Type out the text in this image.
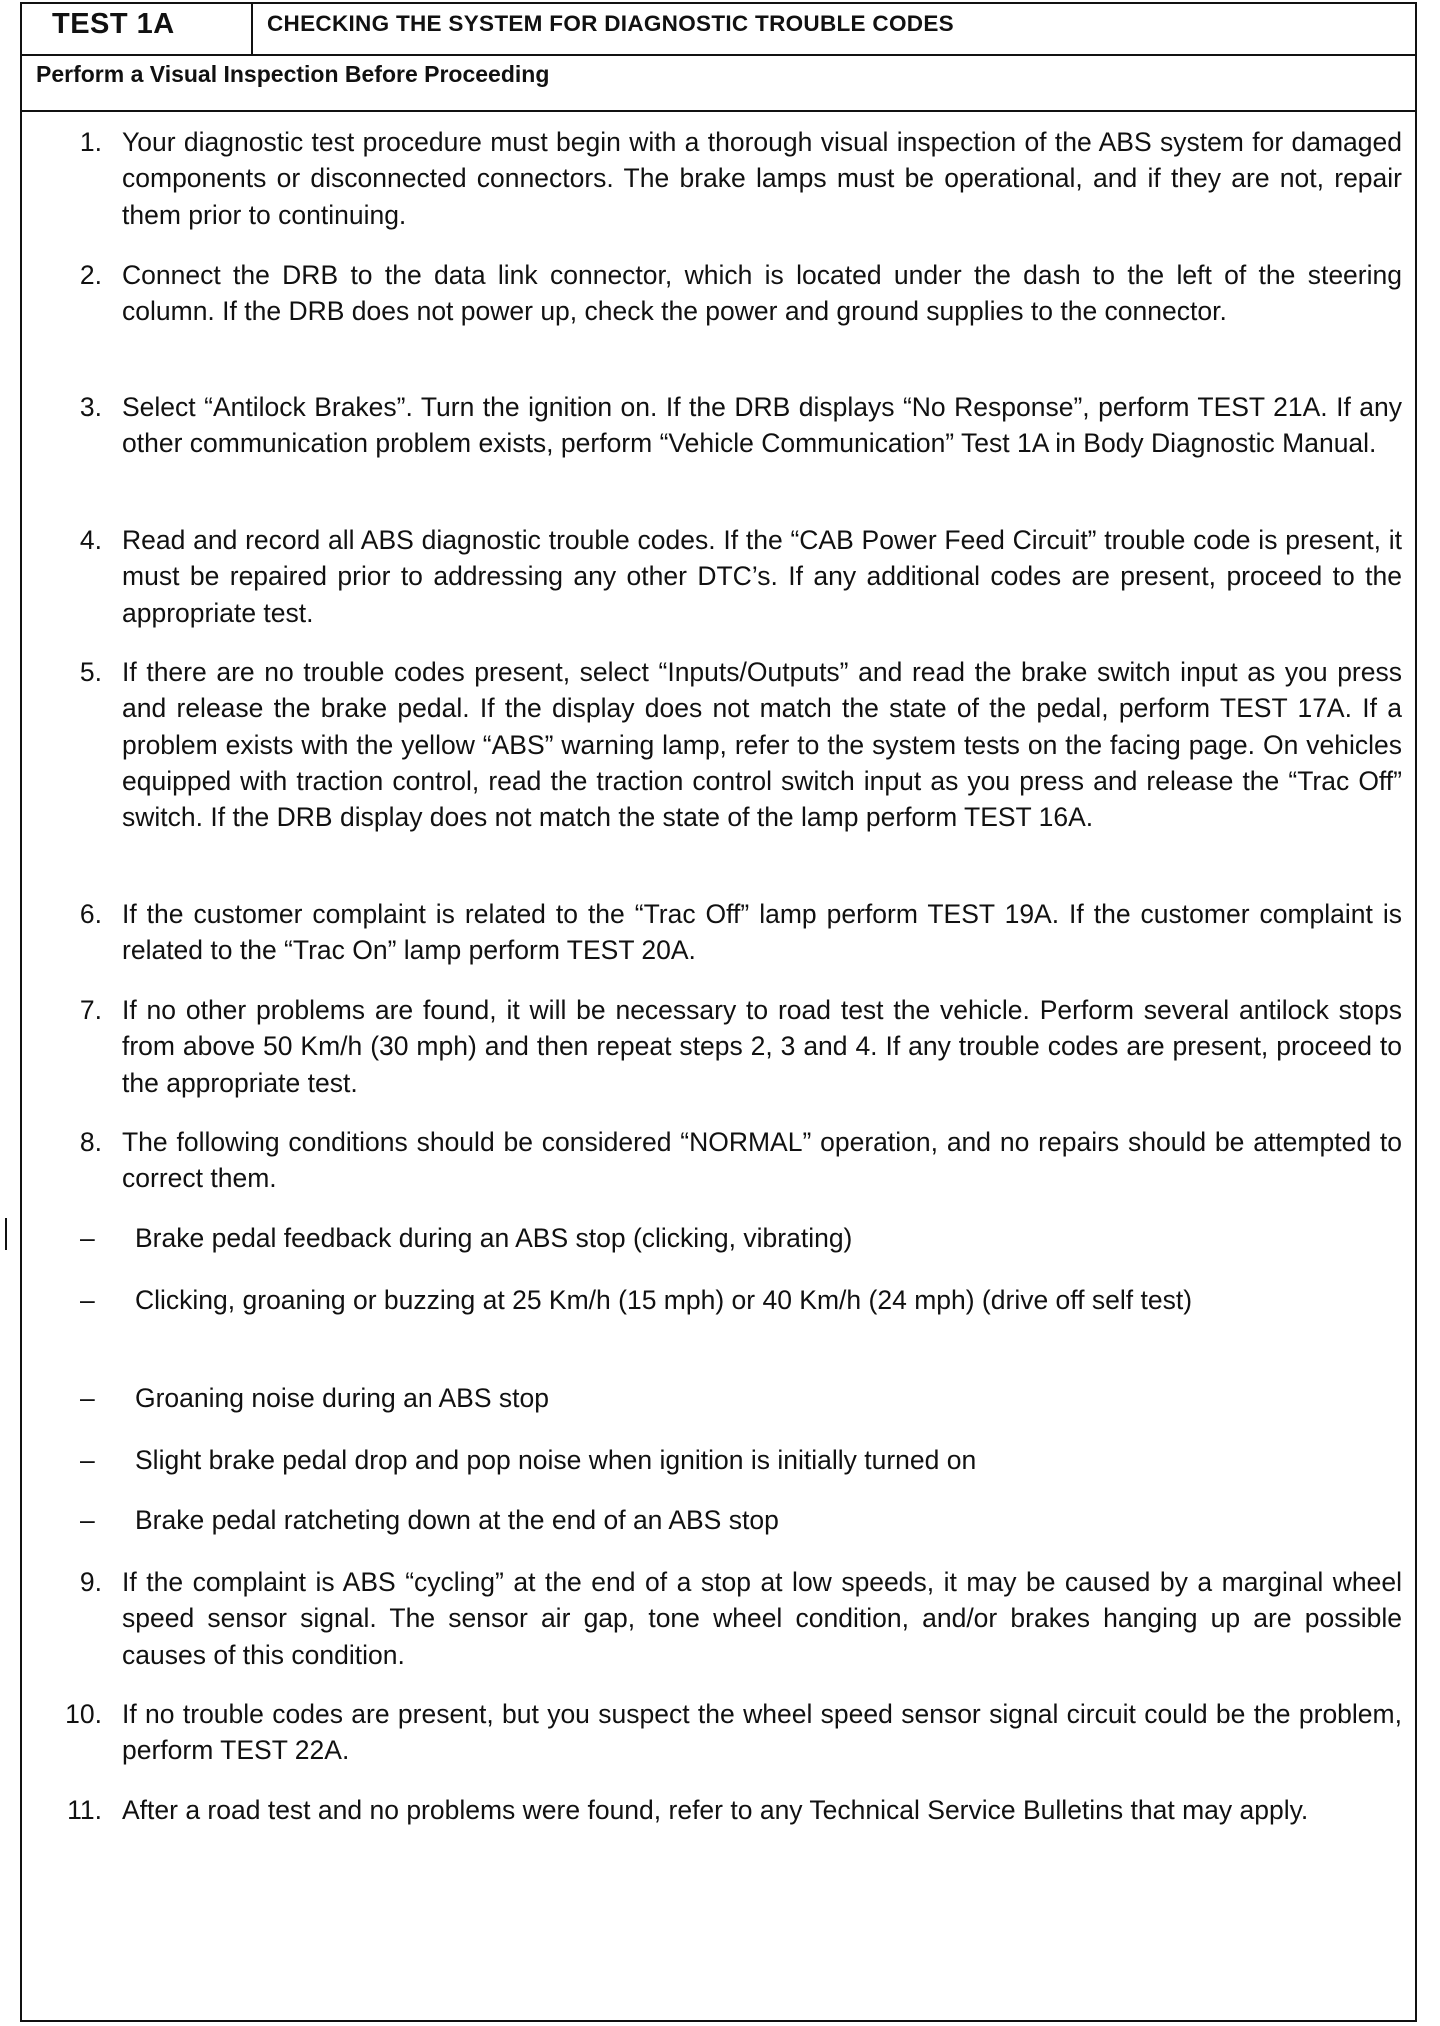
TEST 1A	CHECKING THE SYSTEM FOR DIAGNOSTIC TROUBLE CODES
Perform a Visual Inspection Before Proceeding
1. Your diagnostic test procedure must begin with a thorough visual inspection of the ABS system for damaged components or disconnected connectors. The brake lamps must be operational, and if they are not, repair them prior to continuing.
2. Connect the DRB to the data link connector, which is located under the dash to the left of the steering column. If the DRB does not power up, check the power and ground supplies to the connector.
3. Select “Antilock Brakes”. Turn the ignition on. If the DRB displays “No Response”, perform TEST 21A. If any other communication problem exists, perform “Vehicle Communication” Test 1A in Body Diagnostic Manual.
4. Read and record all ABS diagnostic trouble codes. If the “CAB Power Feed Circuit” trouble code is present, it must be repaired prior to addressing any other DTC’s. If any additional codes are present, proceed to the appropriate test.
5. If there are no trouble codes present, select “Inputs/Outputs” and read the brake switch input as you press and release the brake pedal. If the display does not match the state of the pedal, perform TEST 17A. If a problem exists with the yellow “ABS” warning lamp, refer to the system tests on the facing page. On vehicles equipped with traction control, read the traction control switch input as you press and release the “Trac Off” switch. If the DRB display does not match the state of the lamp perform TEST 16A.
6. If the customer complaint is related to the “Trac Off” lamp perform TEST 19A. If the customer complaint is related to the “Trac On” lamp perform TEST 20A.
7. If no other problems are found, it will be necessary to road test the vehicle. Perform several antilock stops from above 50 Km/h (30 mph) and then repeat steps 2, 3 and 4. If any trouble codes are present, proceed to the appropriate test.
8. The following conditions should be considered “NORMAL” operation, and no repairs should be attempted to correct them.
– Brake pedal feedback during an ABS stop (clicking, vibrating)
– Clicking, groaning or buzzing at 25 Km/h (15 mph) or 40 Km/h (24 mph) (drive off self test)
– Groaning noise during an ABS stop
– Slight brake pedal drop and pop noise when ignition is initially turned on
– Brake pedal ratcheting down at the end of an ABS stop
9. If the complaint is ABS “cycling” at the end of a stop at low speeds, it may be caused by a marginal wheel speed sensor signal. The sensor air gap, tone wheel condition, and/or brakes hanging up are possible causes of this condition.
10. If no trouble codes are present, but you suspect the wheel speed sensor signal circuit could be the problem, perform TEST 22A.
11. After a road test and no problems were found, refer to any Technical Service Bulletins that may apply.
